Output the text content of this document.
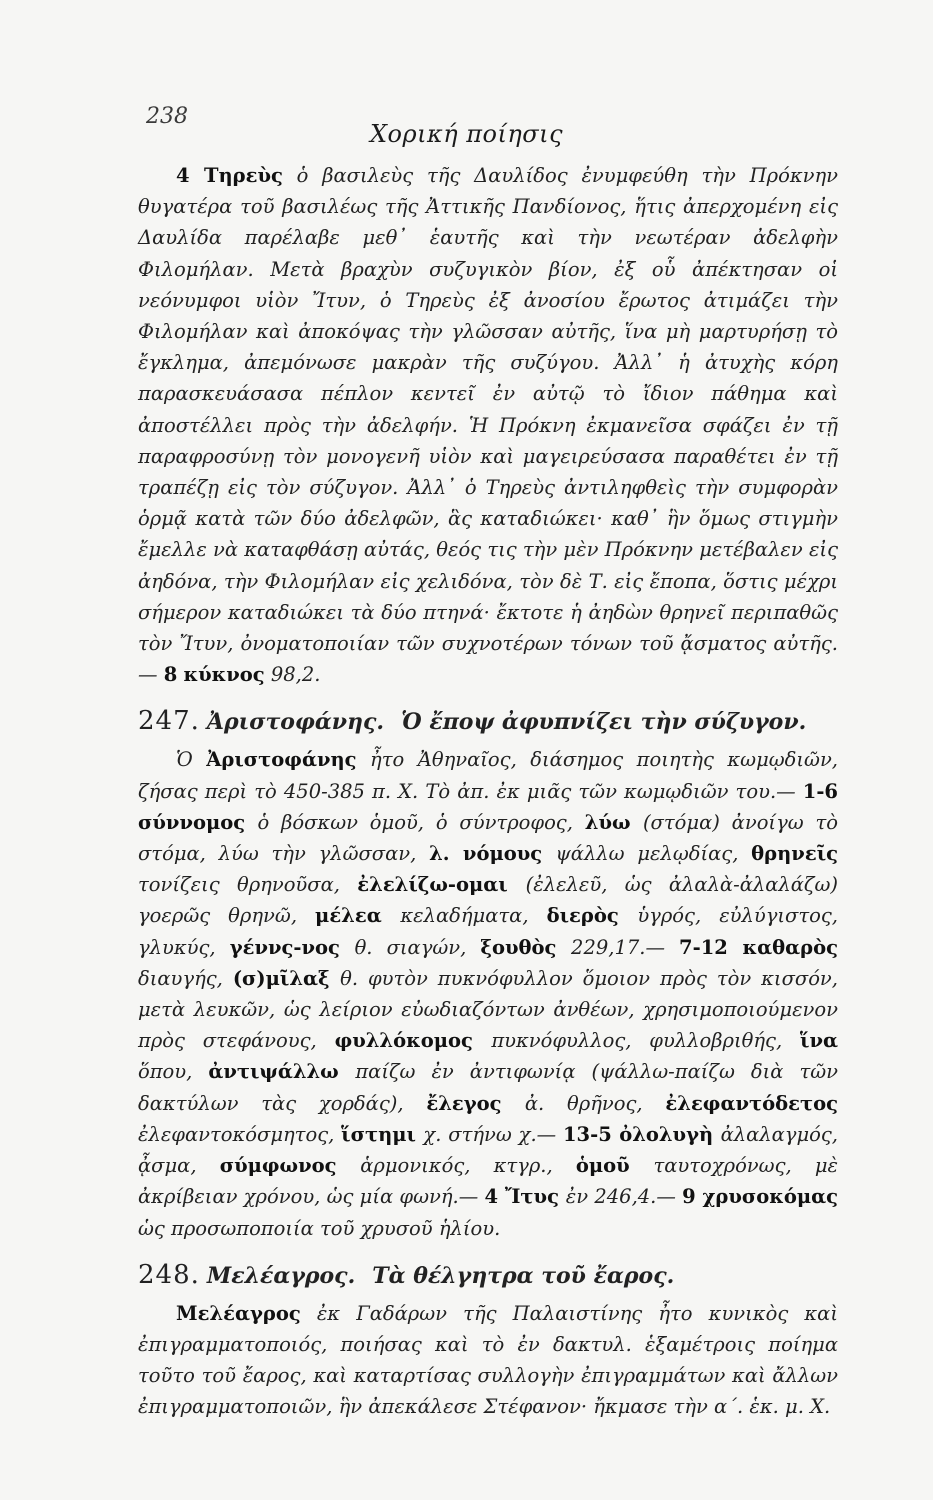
238
Χορική ποίησις

4 Τηρεὺς ὁ βασιλεὺς τῆς Δαυλίδος ἐνυμφεύθη τὴν Πρόκνην θυγατέρα τοῦ βασιλέως τῆς Ἀττικῆς Πανδίονος, ἥτις ἀπερχομένη εἰς Δαυλίδα παρέλαβε μεθ᾽ ἑαυτῆς καὶ τὴν νεωτέραν ἀδελφὴν Φιλομήλαν. Μετὰ βραχὺν συζυγικὸν βίον, ἐξ οὗ ἀπέκτησαν οἱ νεόνυμφοι υἱὸν Ἴτυν, ὁ Τηρεὺς ἐξ ἀνοσίου ἔρωτος ἀτιμάζει τὴν Φιλομήλαν καὶ ἀποκόψας τὴν γλῶσσαν αὐτῆς, ἵνα μὴ μαρτυρήσῃ τὸ ἔγκλημα, ἀπεμόνωσε μακρὰν τῆς συζύγου. Ἀλλ᾽ ἡ ἀτυχὴς κόρη παρασκευάσασα πέπλον κεντεῖ ἐν αὐτῷ τὸ ἴδιον πάθημα καὶ ἀποστέλλει πρὸς τὴν ἀδελφήν. Ἡ Πρόκνη ἐκμανεῖσα σφάζει ἐν τῇ παραφροσύνῃ τὸν μονογενῆ υἱὸν καὶ μαγειρεύσασα παραθέτει ἐν τῇ τραπέζῃ εἰς τὸν σύζυγον. Ἀλλ᾽ ὁ Τηρεὺς ἀντιληφθεὶς τὴν συμφορὰν ὁρμᾷ κατὰ τῶν δύο ἀδελφῶν, ἃς καταδιώκει· καθ᾽ ἣν ὅμως στιγμὴν ἔμελλε νὰ καταφθάσῃ αὐτάς, θεός τις τὴν μὲν Πρόκνην μετέβαλεν εἰς ἀηδόνα, τὴν Φιλομήλαν εἰς χελιδόνα, τὸν δὲ Τ. εἰς ἔποπα, ὅστις μέχρι σήμερον καταδιώκει τὰ δύο πτηνά· ἔκτοτε ἡ ἀηδὼν θρηνεῖ περιπαθῶς τὸν Ἴτυν, ὀνοματοποιίαν τῶν συχνοτέρων τόνων τοῦ ᾄσματος αὐτῆς.— 8 κύκνος 98,2.

247. Ἀριστοφάνης. Ὁ ἔποψ ἀφυπνίζει τὴν σύζυγον.

Ὁ Ἀριστοφάνης ἦτο Ἀθηναῖος, διάσημος ποιητὴς κωμῳδιῶν, ζήσας περὶ τὸ 450-385 π. Χ. Τὸ ἀπ. ἐκ μιᾶς τῶν κωμῳδιῶν του.— 1-6 σύννομος ὁ βόσκων ὁμοῦ, ὁ σύντροφος, λύω (στόμα) ἀνοίγω τὸ στόμα, λύω τὴν γλῶσσαν, λ. νόμους ψάλλω μελῳδίας, θρηνεῖς τονίζεις θρηνοῦσα, ἐλελίζω-ομαι (ἐλελεῦ, ὡς ἀλαλὰ-ἀλαλάζω) γοερῶς θρηνῶ, μέλεα κελαδήματα, διερὸς ὑγρός, εὐλύγιστος, γλυκύς, γέννς-νος θ. σιαγών, ξουθὸς 229,17.— 7-12 καθαρὸς διαυγής, (σ)μῖλαξ θ. φυτὸν πυκνόφυλλον ὅμοιον πρὸς τὸν κισσόν, μετὰ λευκῶν, ὡς λείριον εὐωδιαζόντων ἀνθέων, χρησιμοποιούμενον πρὸς στεφάνους, φυλλόκομος πυκνόφυλλος, φυλλοβριθής, ἵνα ὅπου, ἀντιψάλλω παίζω ἐν ἀντιφωνίᾳ (ψάλλω-παίζω διὰ τῶν δακτύλων τὰς χορδάς), ἔλεγος ἀ. θρῆνος, ἐλεφαντόδετος ἐλεφαντοκόσμητος, ἵστημι χ. στήνω χ.— 13-5 ὀλολυγὴ ἀλαλαγμός, ᾆσμα, σύμφωνος ἁρμονικός, κτγρ., ὁμοῦ ταυτοχρόνως, μὲ ἀκρίβειαν χρόνου, ὡς μία φωνή.— 4 Ἴτυς ἐν 246,4.— 9 χρυσοκόμας ὡς προσωποποιία τοῦ χρυσοῦ ἡλίου.

248. Μελέαγρος. Τὰ θέλγητρα τοῦ ἔαρος.

Μελέαγρος ἐκ Γαδάρων τῆς Παλαιστίνης ἦτο κυνικὸς καὶ ἐπιγραμματοποιός, ποιήσας καὶ τὸ ἐν δακτυλ. ἑξαμέτροις ποίημα τοῦτο τοῦ ἔαρος, καὶ καταρτίσας συλλογὴν ἐπιγραμμάτων καὶ ἄλλων ἐπιγραμματοποιῶν, ἣν ἀπεκάλεσε Στέφανον· ἤκμασε τὴν α΄. ἑκ. μ. Χ.
